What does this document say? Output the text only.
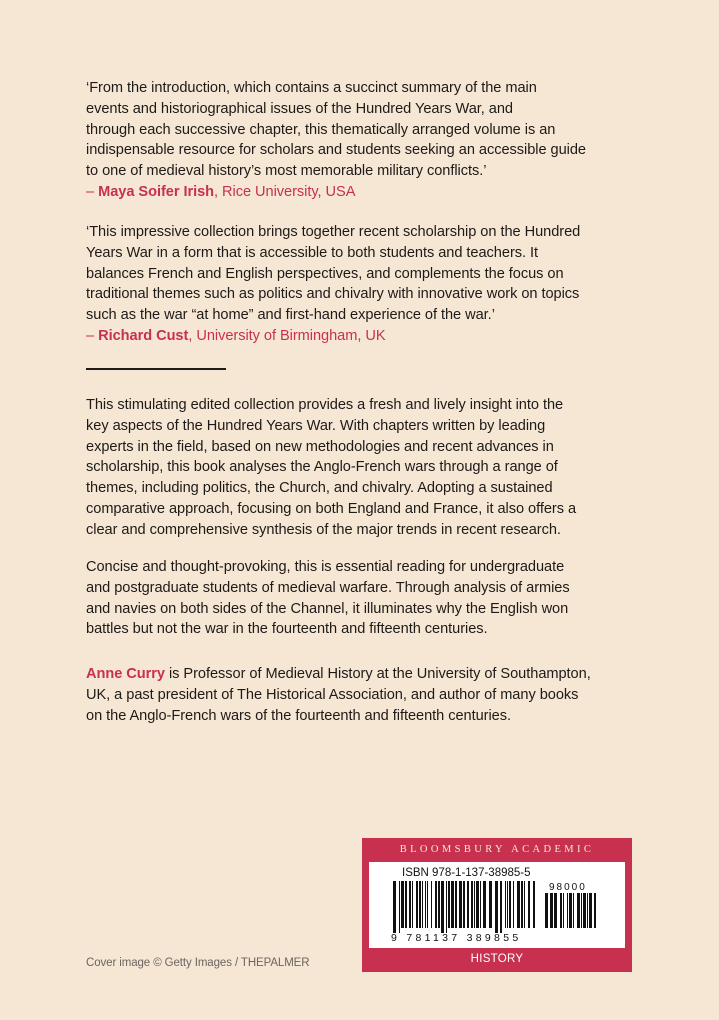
‘From the introduction, which contains a succinct summary of the main

events and historiographical issues of the Hundred Years War, and

through each successive chapter, this thematically arranged volume is an

indispensable resource for scholars and students seeking an accessible guide

to one of medieval history’s most memorable military conflicts.’

– Maya Soifer Irish, Rice University, USA

‘This impressive collection brings together recent scholarship on the Hundred

Years War in a form that is accessible to both students and teachers. It

balances French and English perspectives, and complements the focus on

traditional themes such as politics and chivalry with innovative work on topics

such as the war “at home” and first-hand experience of the war.’

– Richard Cust, University of Birmingham, UK

This stimulating edited collection provides a fresh and lively insight into the

key aspects of the Hundred Years War. With chapters written by leading

experts in the field, based on new methodologies and recent advances in

scholarship, this book analyses the Anglo-French wars through a range of

themes, including politics, the Church, and chivalry. Adopting a sustained

comparative approach, focusing on both England and France, it also offers a

clear and comprehensive synthesis of the major trends in recent research.

Concise and thought-provoking, this is essential reading for undergraduate

and postgraduate students of medieval warfare. Through analysis of armies

and navies on both sides of the Channel, it illuminates why the English won

battles but not the war in the fourteenth and fifteenth centuries.

Anne Curry is Professor of Medieval History at the University of Southampton,

UK, a past president of The Historical Association, and author of many books

on the Anglo-French wars of the fourteenth and fifteenth centuries.

Cover image © Getty Images / THEPALMER
BLOOMSBURY ACADEMIC
ISBN 978-1-137-38985-5
98000
9 781137 389855
HISTORY
